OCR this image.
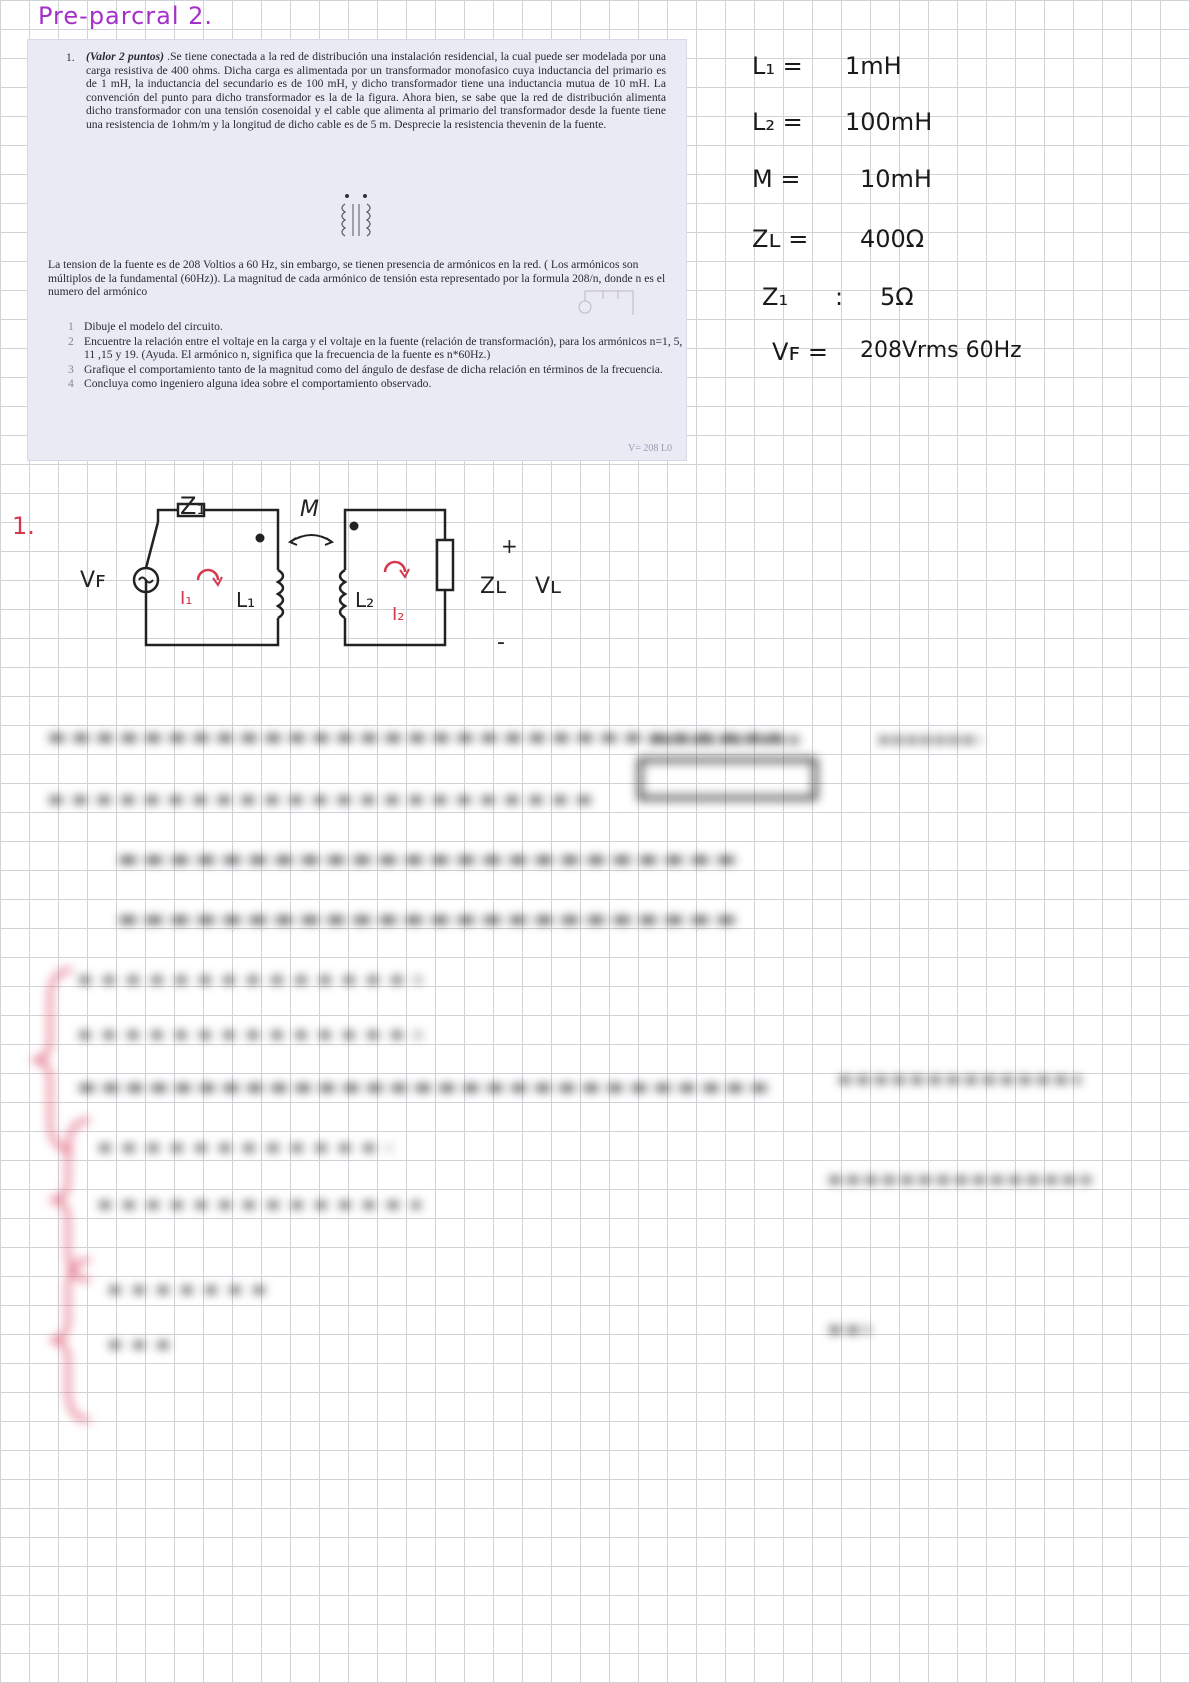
Pre-parcral 2.
1. (Valor 2 puntos) .Se tiene conectada a la red de distribución una instalación residencial, la cual puede ser modelada por una carga resistiva de 400 ohms. Dicha carga es alimentada por un transformador monofasico cuya inductancia del primario es de 1 mH, la inductancia del secundario es de 100 mH, y dicho transformador tiene una inductancia mutua de 10 mH. La convención del punto para dicho transformador es la de la figura. Ahora bien, se sabe que la red de distribución alimenta dicho transformador con una tensión cosenoidal y el cable que alimenta al primario del transformador desde la fuente tiene una resistencia de 1ohm/m y la longitud de dicho cable es de 5 m. Desprecie la resistencia thevenin de la fuente.
La tension de la fuente es de 208 Voltios a 60 Hz, sin embargo, se tienen presencia de armónicos en la red. ( Los armónicos son múltiplos de la fundamental (60Hz)). La magnitud de cada armónico de tensión esta representado por la formula 208/n, donde n es el numero del armónico
1 Dibuje el modelo del circuito.
2 Encuentre la relación entre el voltaje en la carga y el voltaje en la fuente (relación de transformación), para los armónicos n=1, 5, 11 ,15 y 19. (Ayuda. El armónico n, significa que la frecuencia de la fuente es n*60Hz.)
3 Grafique el comportamiento tanto de la magnitud como del ángulo de desfase de dicha relación en términos de la frecuencia.
4 Concluya como ingeniero alguna idea sobre el comportamiento observado.
V= 208 L0
L₁ = 1mH
L₂ = 100mH
M = 10mH
Zʟ = 400Ω
Z₁ : 5Ω
Vꜰ = 208Vrms 60Hz
1.
Z₁	M
Vꜰ
I₁ L₁	L₂
I₂
Zʟ Vʟ
+
-
